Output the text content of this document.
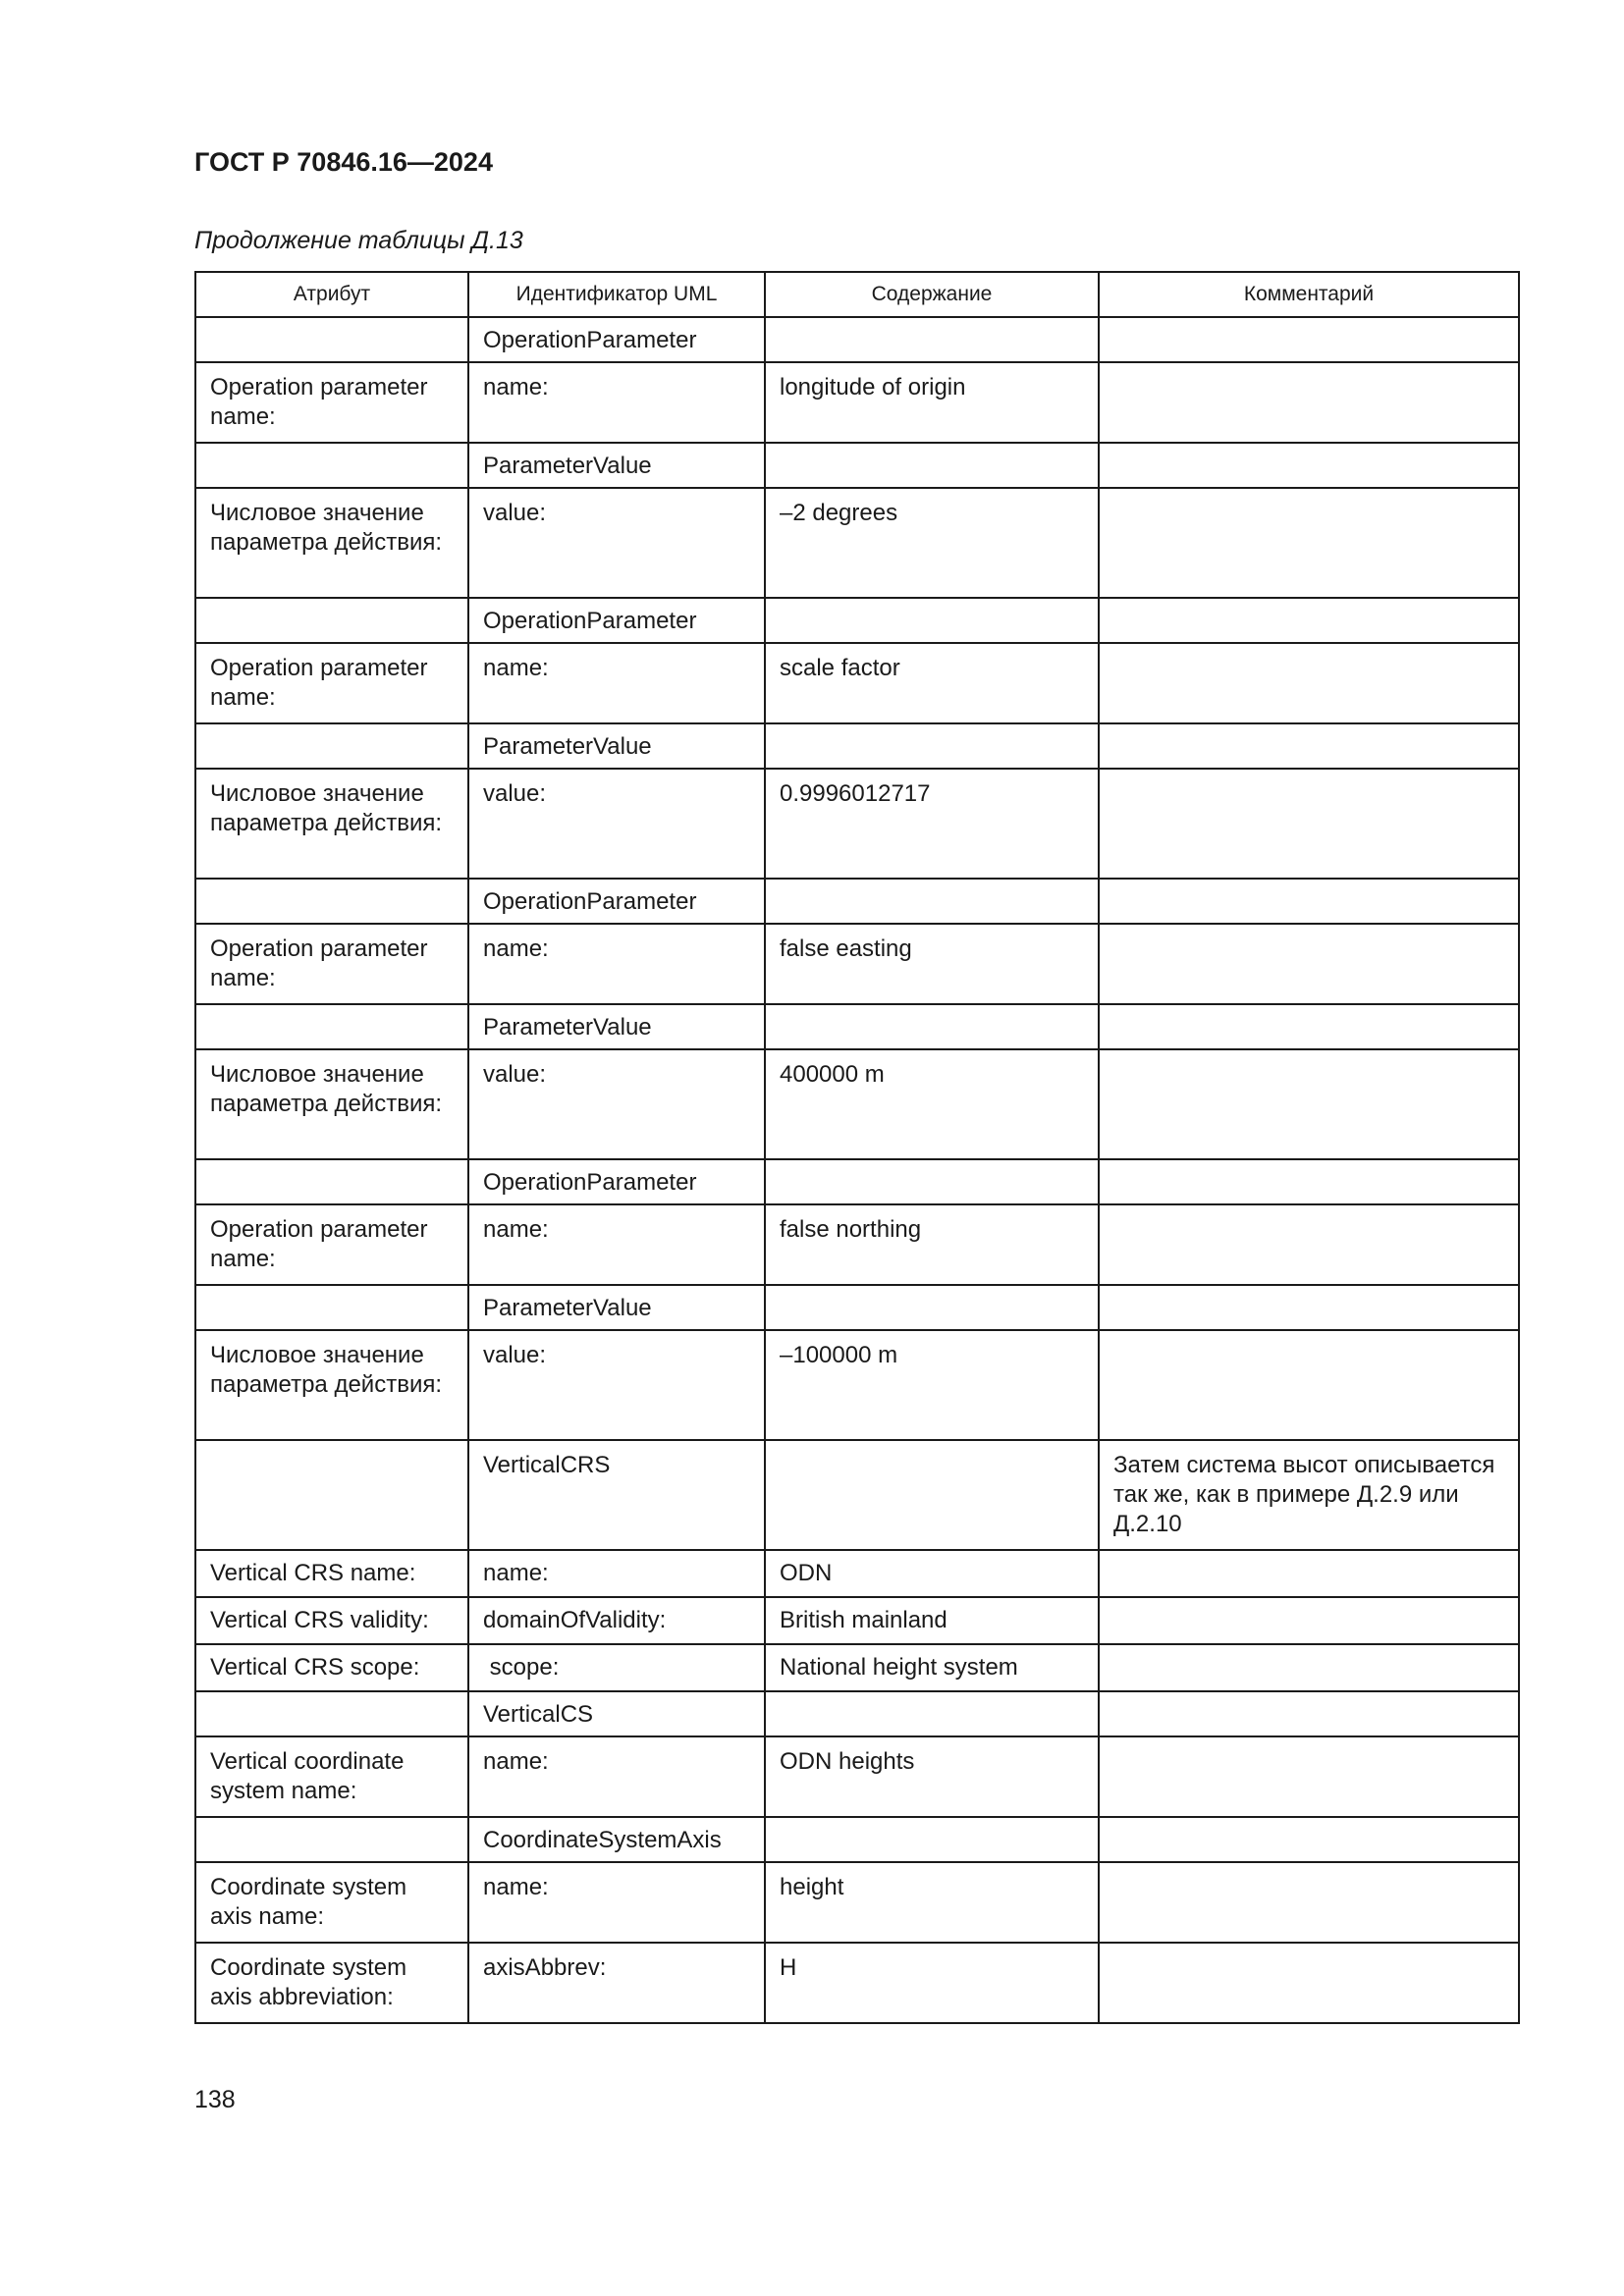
ГОСТ Р 70846.16—2024

Продолжение таблицы Д.13

Атрибут	Идентификатор UML	Содержание	Комментарий
	OperationParameter		
Operation parameter name:	name:	longitude of origin	
	ParameterValue		
Числовое значение параметра действия:	value:	–2 degrees	
	OperationParameter		
Operation parameter name:	name:	scale factor	
	ParameterValue		
Числовое значение параметра действия:	value:	0.9996012717	
	OperationParameter		
Operation parameter name:	name:	false easting	
	ParameterValue		
Числовое значение параметра действия:	value:	400000 m	
	OperationParameter		
Operation parameter name:	name:	false northing	
	ParameterValue		
Числовое значение параметра действия:	value:	–100000 m	
	VerticalCRS		Затем система высот описывается так же, как в примере Д.2.9 или Д.2.10
Vertical CRS name:	name:	ODN	
Vertical CRS validity:	domainOfValidity:	British mainland	
Vertical CRS scope:	scope:	National height system	
	VerticalCS		
Vertical coordinate system name:	name:	ODN heights	
	CoordinateSystemAxis		
Coordinate system axis name:	name:	height	
Coordinate system axis abbreviation:	axisAbbrev:	H	

138
